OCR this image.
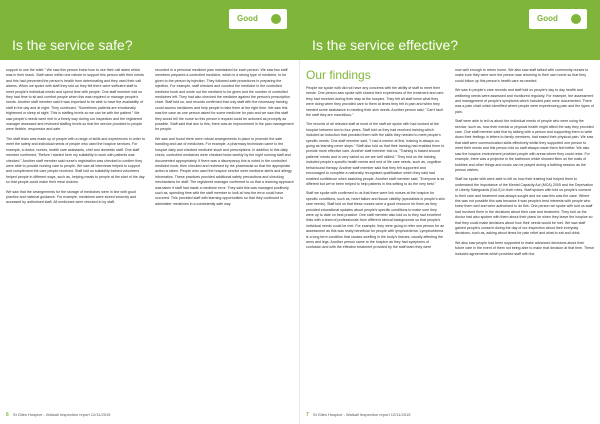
Good
Is the service safe?

support to use the toilet." We saw this person knew how to use their call alarm which was in their reach. Staff came within one minute to support this person with their needs and this had prevented the person's health from deteriorating and they used their call alarms. When we spoke with staff they told us they felt there were sufficient staff to meet people's individual needs and spend time with people. One staff member told us they had time to sit and comfort people when this was required or manage people's needs. Another staff member said it was important to be able to have the availability of staff in the day and at night. They continued, "Sometimes patients are emotionally frightened or sleep at night. This is staffing levels so we can be with the patient." We saw people's needs were met in a timely way during our inspection and the registered manager assessed and reviewed staffing levels so that the service provided to people were flexible, responsive and safe.

The staff team was made up of people with a range of skills and experiences in order to meet the safety and individual needs of people who used the hospice services. For example, a doctor, nurses, health care assistants, chef and domestic staff. One staff member confirmed, "Before I started here my suitability to work with patients was checked." Another staff member said nurse's registration was checked to confirm they were able to provide nursing care to people. We saw all interviews helped to support and complement the care people received. Staff told us suitability trained volunteers helped people in different ways, such as, helping meals to people at the start of the day so that people could make their meal choices.

We saw that the arrangements for the storage of medicines were in line with good practice and national guidance. For example, medicines were stored securely and accessed by authorised staff. All medicines were checked in by staff,

recorded in a personal medicine plan maintained for each person. We saw two staff members prepared a controlled medicine, which is a strong type of medicine, to be given to the person by injection. They followed safe procedures in preparing the injection. For example, staff checked and counted the medicine in the controlled medicine book and wrote out the medicine to be given and the number of controlled medicines left. They had also checked the medicine against the person's prescription chart. Staff told us, and records confirmed that only staff with the necessary training could access medicines and help people to take them at the right time. We saw this was the case as one person asked for some medicine for pain and we saw this staff they would tell the nurse so this person's request could be actioned as promptly as possible. Staff said that due to this, there was an improvement in the pain management for people.

We saw and found there were robust arrangements in place to promote the safe handling and use of medicines. For example, a pharmacy technician came to the hospice daily and checked medicine stock and prescriptions. In addition to this daily check, controlled medicines were checked twice weekly by the night nursing staff and documented appropriately. If there was a discrepancy this is noted in the controlled medicine book, then checked and reviewed by the pharmacist so that the appropriate action is taken. People who used the hospice service were medicine alerts and allergy information. These practices provided additional safety precautions and checking mechanisms for staff. The registered manager confirmed to us that a learning approach was taken if staff had made a medicine error. They said this was managed positively, such as, spending time with the staff member to look at how the error could have occurred. This provided staff with learning opportunities so that they continued to administer medicines in a consistently safe way.

6 St Giles Hospice - Walsall Inspection report 12/11/2015
Good
Is the service effective?
Our findings

People we spoke with did not have any concerns with the ability of staff to meet their needs. One person saw spoke with shared their experiences of the treatment and care they had received during their stay at the hospice. They felt all staff knew what they were doing when they provided care to them at times they felt in pain and when they needed some assistance in meeting their skin needs. Another person said, "Can't fault the staff they are marvellous."

The records of all relevant staff at most of the staff we spoke with had worked at the hospice between two to four years. Staff told us they had received training which included an induction that provided them with the skills they needed to meet people's specific needs. One staff member said, "I had a mentor at first, training is always on-going as learning never stops." Staff also told us that their training had enabled them to provide more effective care. Another staff member told us, "Training is based around patients' needs and is very varied so we are well skilled." They told us the training included people's specific health needs and end of life care needs, such as, cognitive behavioural therapy. Another staff member said that they felt supported and encouraged to complete a nationally recognised qualification which they said had enabled confidence when assisting people. Another staff member said, "Everyone is so different but we've been helped to help patients in this setting to do the very best."

Staff we spoke with confirmed to us that there were link nurses at the hospice for specific conditions, such as, heart failure and tissue viability (specialists in people's skin care needs). Staff told us that these nurses were a good resource for them as they provided educational updates about people's specific conditions to make sure they were up to date on best practice. One staff member also told us to they had excellent links with a team of professionals from different clinical backgrounds so that people's individual needs could be met. For example, they were going to refer one person for an assessment as this was really beneficial for people with lymphoedema. Lymphoedema is a long term condition that causes swelling in the body's tissues, usually affecting the arms and legs. Another person came to the hospice as they had symptoms of confusion and with the effective treatment provided by the staff team they were

now well enough to return home. We also saw staff talked with community nurses to make sure they were sure the person was returning to their own home so that they could follow up this person's health care as needed.

We saw in people's care records and staff told us people's day to day health and wellbeing needs were assessed and monitored regularly. For example, the assessment and management of people's symptoms which included pain were documented. There was a pain chart which identified where people were experiencing pain and the types of pain.

Staff were able to tell us about the individual needs of people who were using the service, such as, how their mental or physical health might affect the way they provided care. One staff member said that by talking with a person and supporting them to write down their feelings in letters to family members, had eased their physical pain. We saw that staff were communication skills effectively whilst they supported one person to meet their needs and this person told us staff always made them feel better. We also saw the hospice environment provided people with areas where they could relax. For example, there was a projector in the bathroom which showed films on the walls of bubbles and other things and music can be played during a bathing session as the person wishes.

Staff we spoke with were able to tell us how their training had helped them to understand the importance of the Mental Capacity Act (MCA) 2005 and the Deprivation of Liberty Safeguards (DoLS) in their roles. Staff spoken with told us people's consent to their care and treatment was always sought and we saw this was the case. Where this was not possible this was because it was people's best interests with people who knew them well and were authorised to do this. One person we spoke with told us staff had involved them in the decisions about their care and treatment. They told us the doctor had also spoken with them about their plans for when they leave the hospice so that they could make decisions about how their needs would be met. We saw staff gained people's consent during the day of our inspection about their everyday decisions, such as, asking about times for pain relief and what to eat and drink.

We also saw people had been supported to make advanced decisions about their future care in the event of them not being able to make that decision at that time. These included agreements which provided staff with the

7 St Giles Hospice - Walsall Inspection report 12/11/2015
